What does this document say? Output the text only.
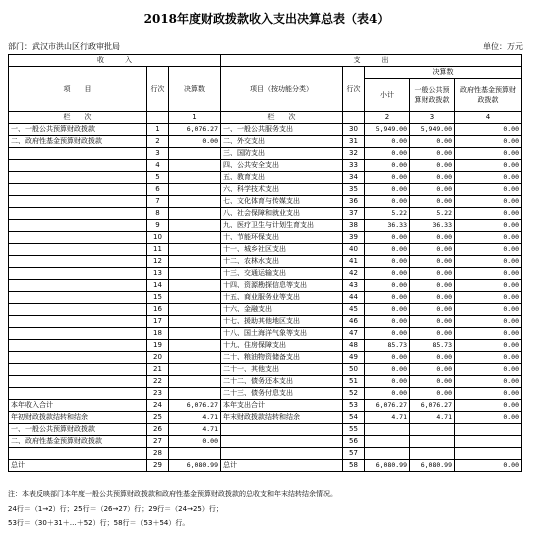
2018年度财政拨款收入支出决算总表（表4）
部门：武汉市洪山区行政审批局	单位：万元
收　　　入			支　　　出				
项　　目	行次	决算数	项目（按功能分类）	行次	决算数		
					小计	一般公共预算财政拨款	政府性基金预算财政拨款
栏　　次		1	栏　　次		2	3	4
一、一般公共预算财政拨款	1	6,076.27	一、一般公共服务支出	30	5,949.00	5,949.00	0.00
二、政府性基金预算财政拨款	2	0.00	二、外交支出	31	0.00	0.00	0.00
	3		三、国防支出	32	0.00	0.00	0.00
	4		四、公共安全支出	33	0.00	0.00	0.00
	5		五、教育支出	34	0.00	0.00	0.00
	6		六、科学技术支出	35	0.00	0.00	0.00
	7		七、文化体育与传媒支出	36	0.00	0.00	0.00
	8		八、社会保障和就业支出	37	5.22	5.22	0.00
	9		九、医疗卫生与计划生育支出	38	36.33	36.33	0.00
	10		十、节能环保支出	39	0.00	0.00	0.00
	11		十一、城乡社区支出	40	0.00	0.00	0.00
	12		十二、农林水支出	41	0.00	0.00	0.00
	13		十三、交通运输支出	42	0.00	0.00	0.00
	14		十四、资源勘探信息等支出	43	0.00	0.00	0.00
	15		十五、商业服务业等支出	44	0.00	0.00	0.00
	16		十六、金融支出	45	0.00	0.00	0.00
	17		十七、援助其他地区支出	46	0.00	0.00	0.00
	18		十八、国土海洋气象等支出	47	0.00	0.00	0.00
	19		十九、住房保障支出	48	85.73	85.73	0.00
	20		二十、粮油物资储备支出	49	0.00	0.00	0.00
	21		二十一、其他支出	50	0.00	0.00	0.00
	22		二十二、债务还本支出	51	0.00	0.00	0.00
	23		二十三、债务付息支出	52	0.00	0.00	0.00
本年收入合计	24	6,076.27	本年支出合计	53	6,076.27	6,076.27	0.00
年初财政拨款结转和结余	25	4.71	年末财政拨款结转和结余	54	4.71	4.71	0.00
一、一般公共预算财政拨款	26	4.71		55			
二、政府性基金预算财政拨款	27	0.00		56			
	28			57			
总计	29	6,080.99	总计	58	6,080.99	6,080.99	0.00
注：本表反映部门本年度一般公共预算财政拨款和政府性基金预算财政拨款的总收支和年末结转结余情况。
24行＝（1→2）行；25行＝（26→27）行；29行＝（24→25）行；
53行＝（30＋31＋…＋52）行；58行＝（53＋54）行。
